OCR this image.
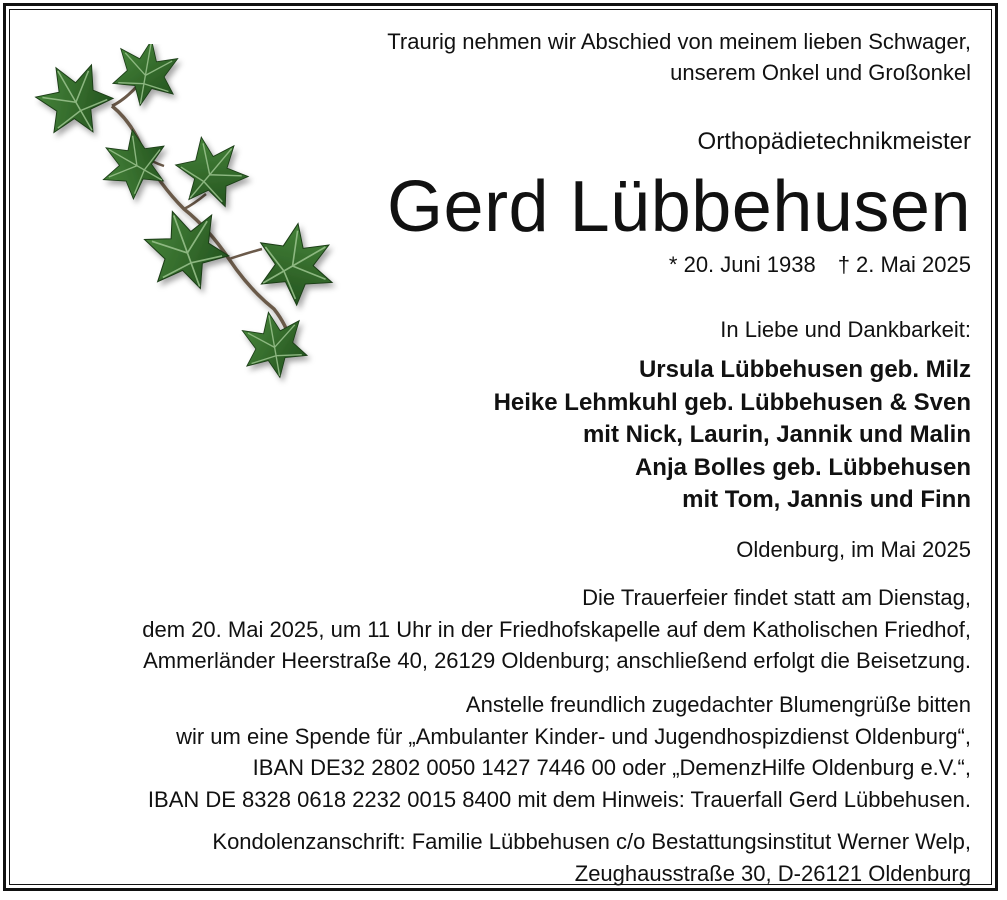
Traurig nehmen wir Abschied von meinem lieben Schwager,
unserem Onkel und Großonkel
Orthopädietechnikmeister
Gerd Lübbehusen
* 20. Juni 1938 † 2. Mai 2025
In Liebe und Dankbarkeit:
Ursula Lübbehusen geb. Milz
Heike Lehmkuhl geb. Lübbehusen & Sven
mit Nick, Laurin, Jannik und Malin
Anja Bolles geb. Lübbehusen
mit Tom, Jannis und Finn
Oldenburg, im Mai 2025
Die Trauerfeier findet statt am Dienstag,
dem 20. Mai 2025, um 11 Uhr in der Friedhofskapelle auf dem Katholischen Friedhof,
Ammerländer Heerstraße 40, 26129 Oldenburg; anschließend erfolgt die Beisetzung.
Anstelle freundlich zugedachter Blumengrüße bitten
wir um eine Spende für „Ambulanter Kinder- und Jugendhospizdienst Oldenburg“,
IBAN DE32 2802 0050 1427 7446 00 oder „DemenzHilfe Oldenburg e.V.“,
IBAN DE 8328 0618 2232 0015 8400 mit dem Hinweis: Trauerfall Gerd Lübbehusen.
Kondolenzanschrift: Familie Lübbehusen c/o Bestattungsinstitut Werner Welp,
Zeughausstraße 30, D-26121 Oldenburg
